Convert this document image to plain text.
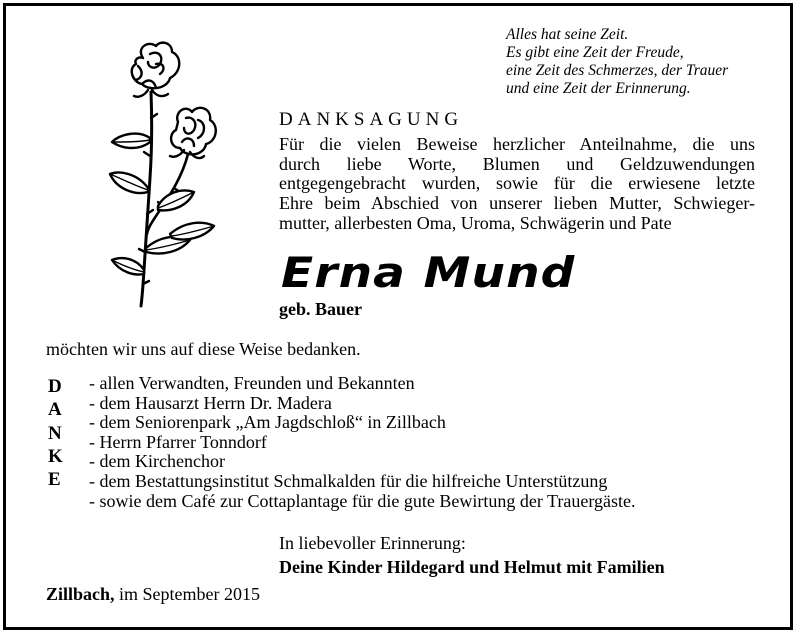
Alles hat seine Zeit.
Es gibt eine Zeit der Freude,
eine Zeit des Schmerzes, der Trauer
und eine Zeit der Erinnerung.
DANKSAGUNG
Für die vielen Beweise herzlicher Anteilnahme, die uns
durch liebe Worte, Blumen und Geldzuwendungen
entgegengebracht wurden, sowie für die erwiesene letzte
Ehre beim Abschied von unserer lieben Mutter, Schwieger-
mutter, allerbesten Oma, Uroma, Schwägerin und Pate
Erna Mund
geb. Bauer
möchten wir uns auf diese Weise bedanken.
D
A
N
K
E
- allen Verwandten, Freunden und Bekannten
- dem Hausarzt Herrn Dr. Madera
- dem Seniorenpark „Am Jagdschloß“ in Zillbach
- Herrn Pfarrer Tonndorf
- dem Kirchenchor
- dem Bestattungsinstitut Schmalkalden für die hilfreiche Unterstützung
- sowie dem Café zur Cottaplantage für die gute Bewirtung der Trauergäste.
In liebevoller Erinnerung:
Deine Kinder Hildegard und Helmut mit Familien
Zillbach, im September 2015
